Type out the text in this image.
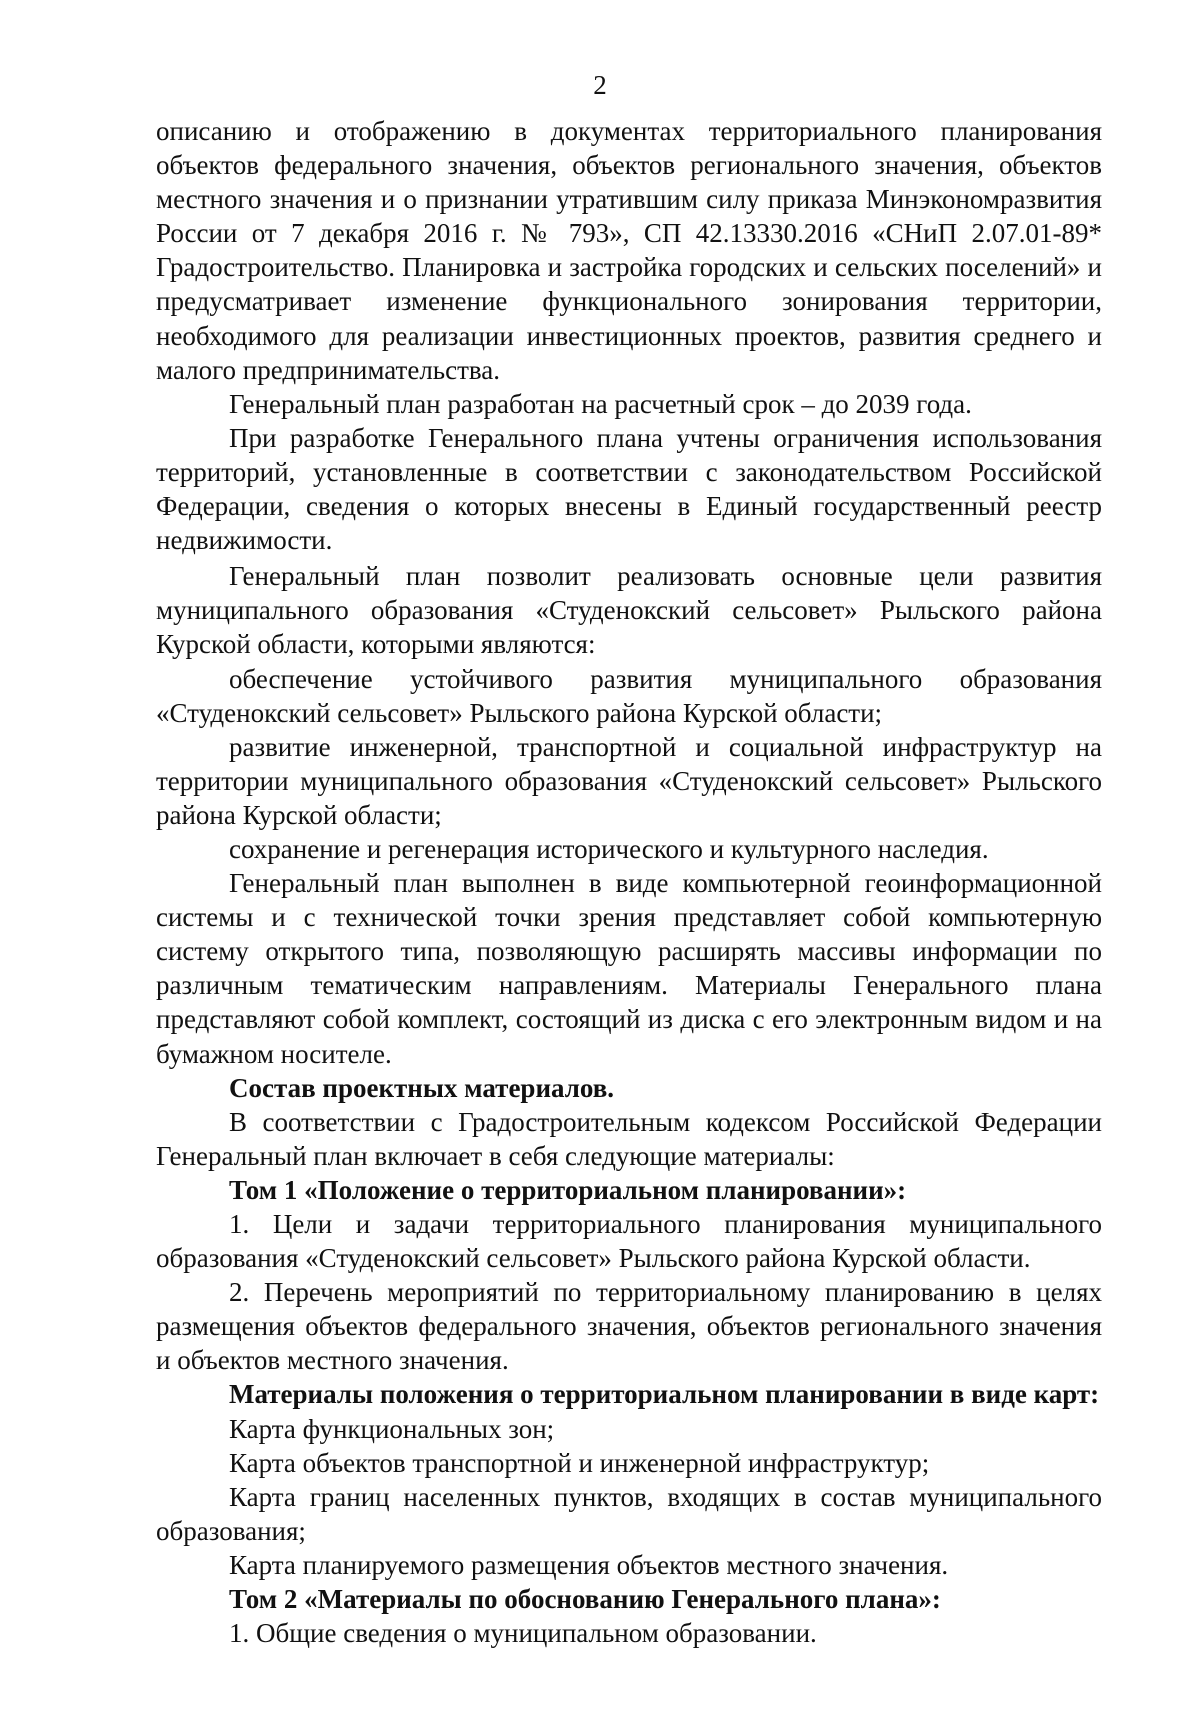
2

описанию и отображению в документах территориального планирования объектов федерального значения, объектов регионального значения, объектов местного значения и о признании утратившим силу приказа Минэкономразвития России от 7 декабря 2016 г. № 793», СП 42.13330.2016 «СНиП 2.07.01-89* Градостроительство. Планировка и застройка городских и сельских поселений» и предусматривает изменение функционального зонирования территории, необходимого для реализации инвестиционных проектов, развития среднего и малого предпринимательства.

Генеральный план разработан на расчетный срок – до 2039 года.

При разработке Генерального плана учтены ограничения использования территорий, установленные в соответствии с законодательством Российской Федерации, сведения о которых внесены в Единый государственный реестр недвижимости.

Генеральный план позволит реализовать основные цели развития муниципального образования «Студенокский сельсовет» Рыльского района Курской области, которыми являются:

обеспечение устойчивого развития муниципального образования «Студенокский сельсовет» Рыльского района Курской области;

развитие инженерной, транспортной и социальной инфраструктур на территории муниципального образования «Студенокский сельсовет» Рыльского района Курской области;

сохранение и регенерация исторического и культурного наследия.

Генеральный план выполнен в виде компьютерной геоинформационной системы и с технической точки зрения представляет собой компьютерную систему открытого типа, позволяющую расширять массивы информации по различным тематическим направлениям. Материалы Генерального плана представляют собой комплект, состоящий из диска с его электронным видом и на бумажном носителе.

Состав проектных материалов.

В соответствии с Градостроительным кодексом Российской Федерации Генеральный план включает в себя следующие материалы:

Том 1 «Положение о территориальном планировании»:

1. Цели и задачи территориального планирования муниципального образования «Студенокский сельсовет» Рыльского района Курской области.

2. Перечень мероприятий по территориальному планированию в целях размещения объектов федерального значения, объектов регионального значения и объектов местного значения.

Материалы положения о территориальном планировании в виде карт:

Карта функциональных зон;

Карта объектов транспортной и инженерной инфраструктур;

Карта границ населенных пунктов, входящих в состав муниципального образования;

Карта планируемого размещения объектов местного значения.

Том 2 «Материалы по обоснованию Генерального плана»:

1. Общие сведения о муниципальном образовании.
